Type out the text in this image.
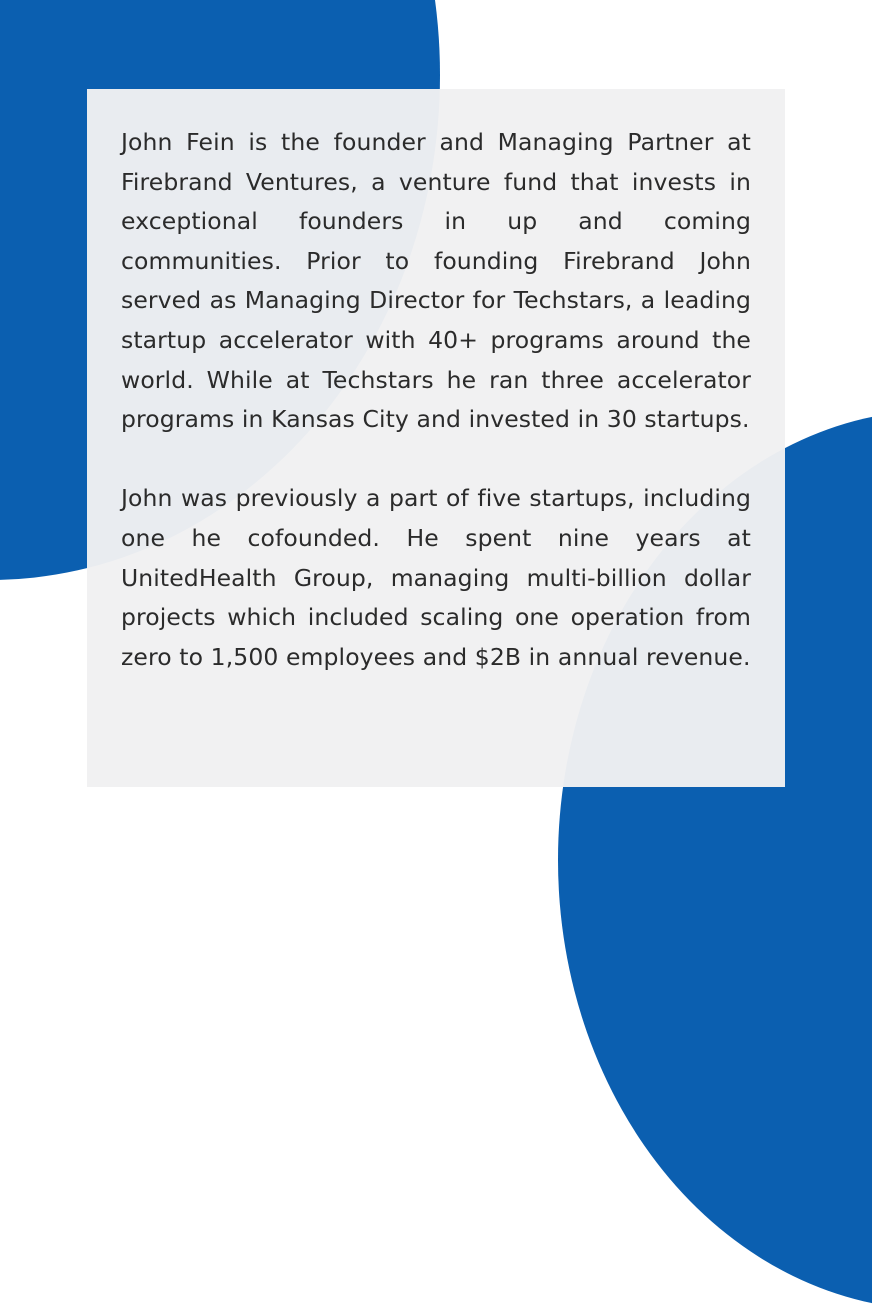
John Fein is the founder and Managing Partner at Firebrand Ventures, a venture fund that invests in exceptional founders in up and coming communities. Prior to founding Firebrand John served as Managing Director for Techstars, a leading startup accelerator with 40+ programs around the world. While at Techstars he ran three accelerator programs in Kansas City and invested in 30 startups.

John was previously a part of five startups, including one he cofounded. He spent nine years at UnitedHealth Group, managing multi-billion dollar projects which included scaling one operation from zero to 1,500 employees and $2B in annual revenue.
